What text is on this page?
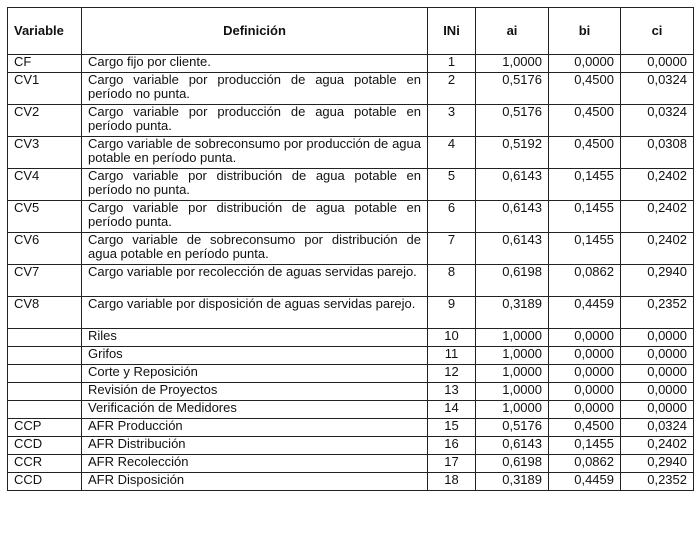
Variable	Definición	INi	ai	bi	ci
CF	Cargo fijo por cliente.	1	1,0000	0,0000	0,0000
CV1	Cargo variable por producción de agua potable en período no punta.	2	0,5176	0,4500	0,0324
CV2	Cargo variable por producción de agua potable en período punta.	3	0,5176	0,4500	0,0324
CV3	Cargo variable de sobreconsumo por producción de agua potable en período punta.	4	0,5192	0,4500	0,0308
CV4	Cargo variable por distribución de agua potable en período no punta.	5	0,6143	0,1455	0,2402
CV5	Cargo variable por distribución de agua potable en período punta.	6	0,6143	0,1455	0,2402
CV6	Cargo variable de sobreconsumo por distribución de agua potable en período punta.	7	0,6143	0,1455	0,2402
CV7	Cargo variable por recolección de aguas servidas parejo.	8	0,6198	0,0862	0,2940
CV8	Cargo variable por disposición de aguas servidas parejo.	9	0,3189	0,4459	0,2352
	Riles	10	1,0000	0,0000	0,0000
	Grifos	11	1,0000	0,0000	0,0000
	Corte y Reposición	12	1,0000	0,0000	0,0000
	Revisión de Proyectos	13	1,0000	0,0000	0,0000
	Verificación de Medidores	14	1,0000	0,0000	0,0000
CCP	AFR Producción	15	0,5176	0,4500	0,0324
CCD	AFR Distribución	16	0,6143	0,1455	0,2402
CCR	AFR Recolección	17	0,6198	0,0862	0,2940
CCD	AFR Disposición	18	0,3189	0,4459	0,2352
